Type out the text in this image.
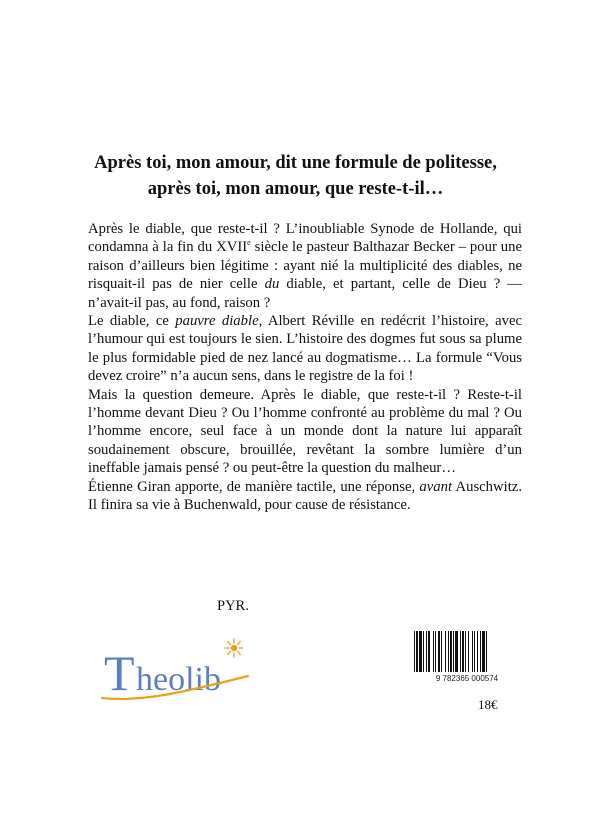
Après toi, mon amour, dit une formule de politesse,
après toi, mon amour, que reste-t-il…

Après le diable, que reste-t-il ? L’inoubliable Synode de Hollande, qui condamna à la fin du XVIIe siècle le pasteur Balthazar Becker – pour une raison d’ailleurs bien légitime : ayant nié la multiplicité des diables, ne risquait-il pas de nier celle du diable, et partant, celle de Dieu ? — n’avait-il pas, au fond, raison ?

Le diable, ce pauvre diable, Albert Réville en redécrit l’histoire, avec l’humour qui est toujours le sien. L’histoire des dogmes fut sous sa plume le plus formidable pied de nez lancé au dogmatisme… La formule “Vous devez croire” n’a aucun sens, dans le registre de la foi !

Mais la question demeure. Après le diable, que reste-t-il ? Reste-t-il l’homme devant Dieu ? Ou l’homme confronté au problème du mal ? Ou l’homme encore, seul face à un monde dont la nature lui apparaît soudainement obscure, brouillée, revêtant la sombre lumière d’un ineffable jamais pensé ? ou peut-être la question du malheur…

Étienne Giran apporte, de manière tactile, une réponse, avant Auschwitz. Il finira sa vie à Buchenwald, pour cause de résistance.

PYR.
T heolib	9 782365 000574
18€
